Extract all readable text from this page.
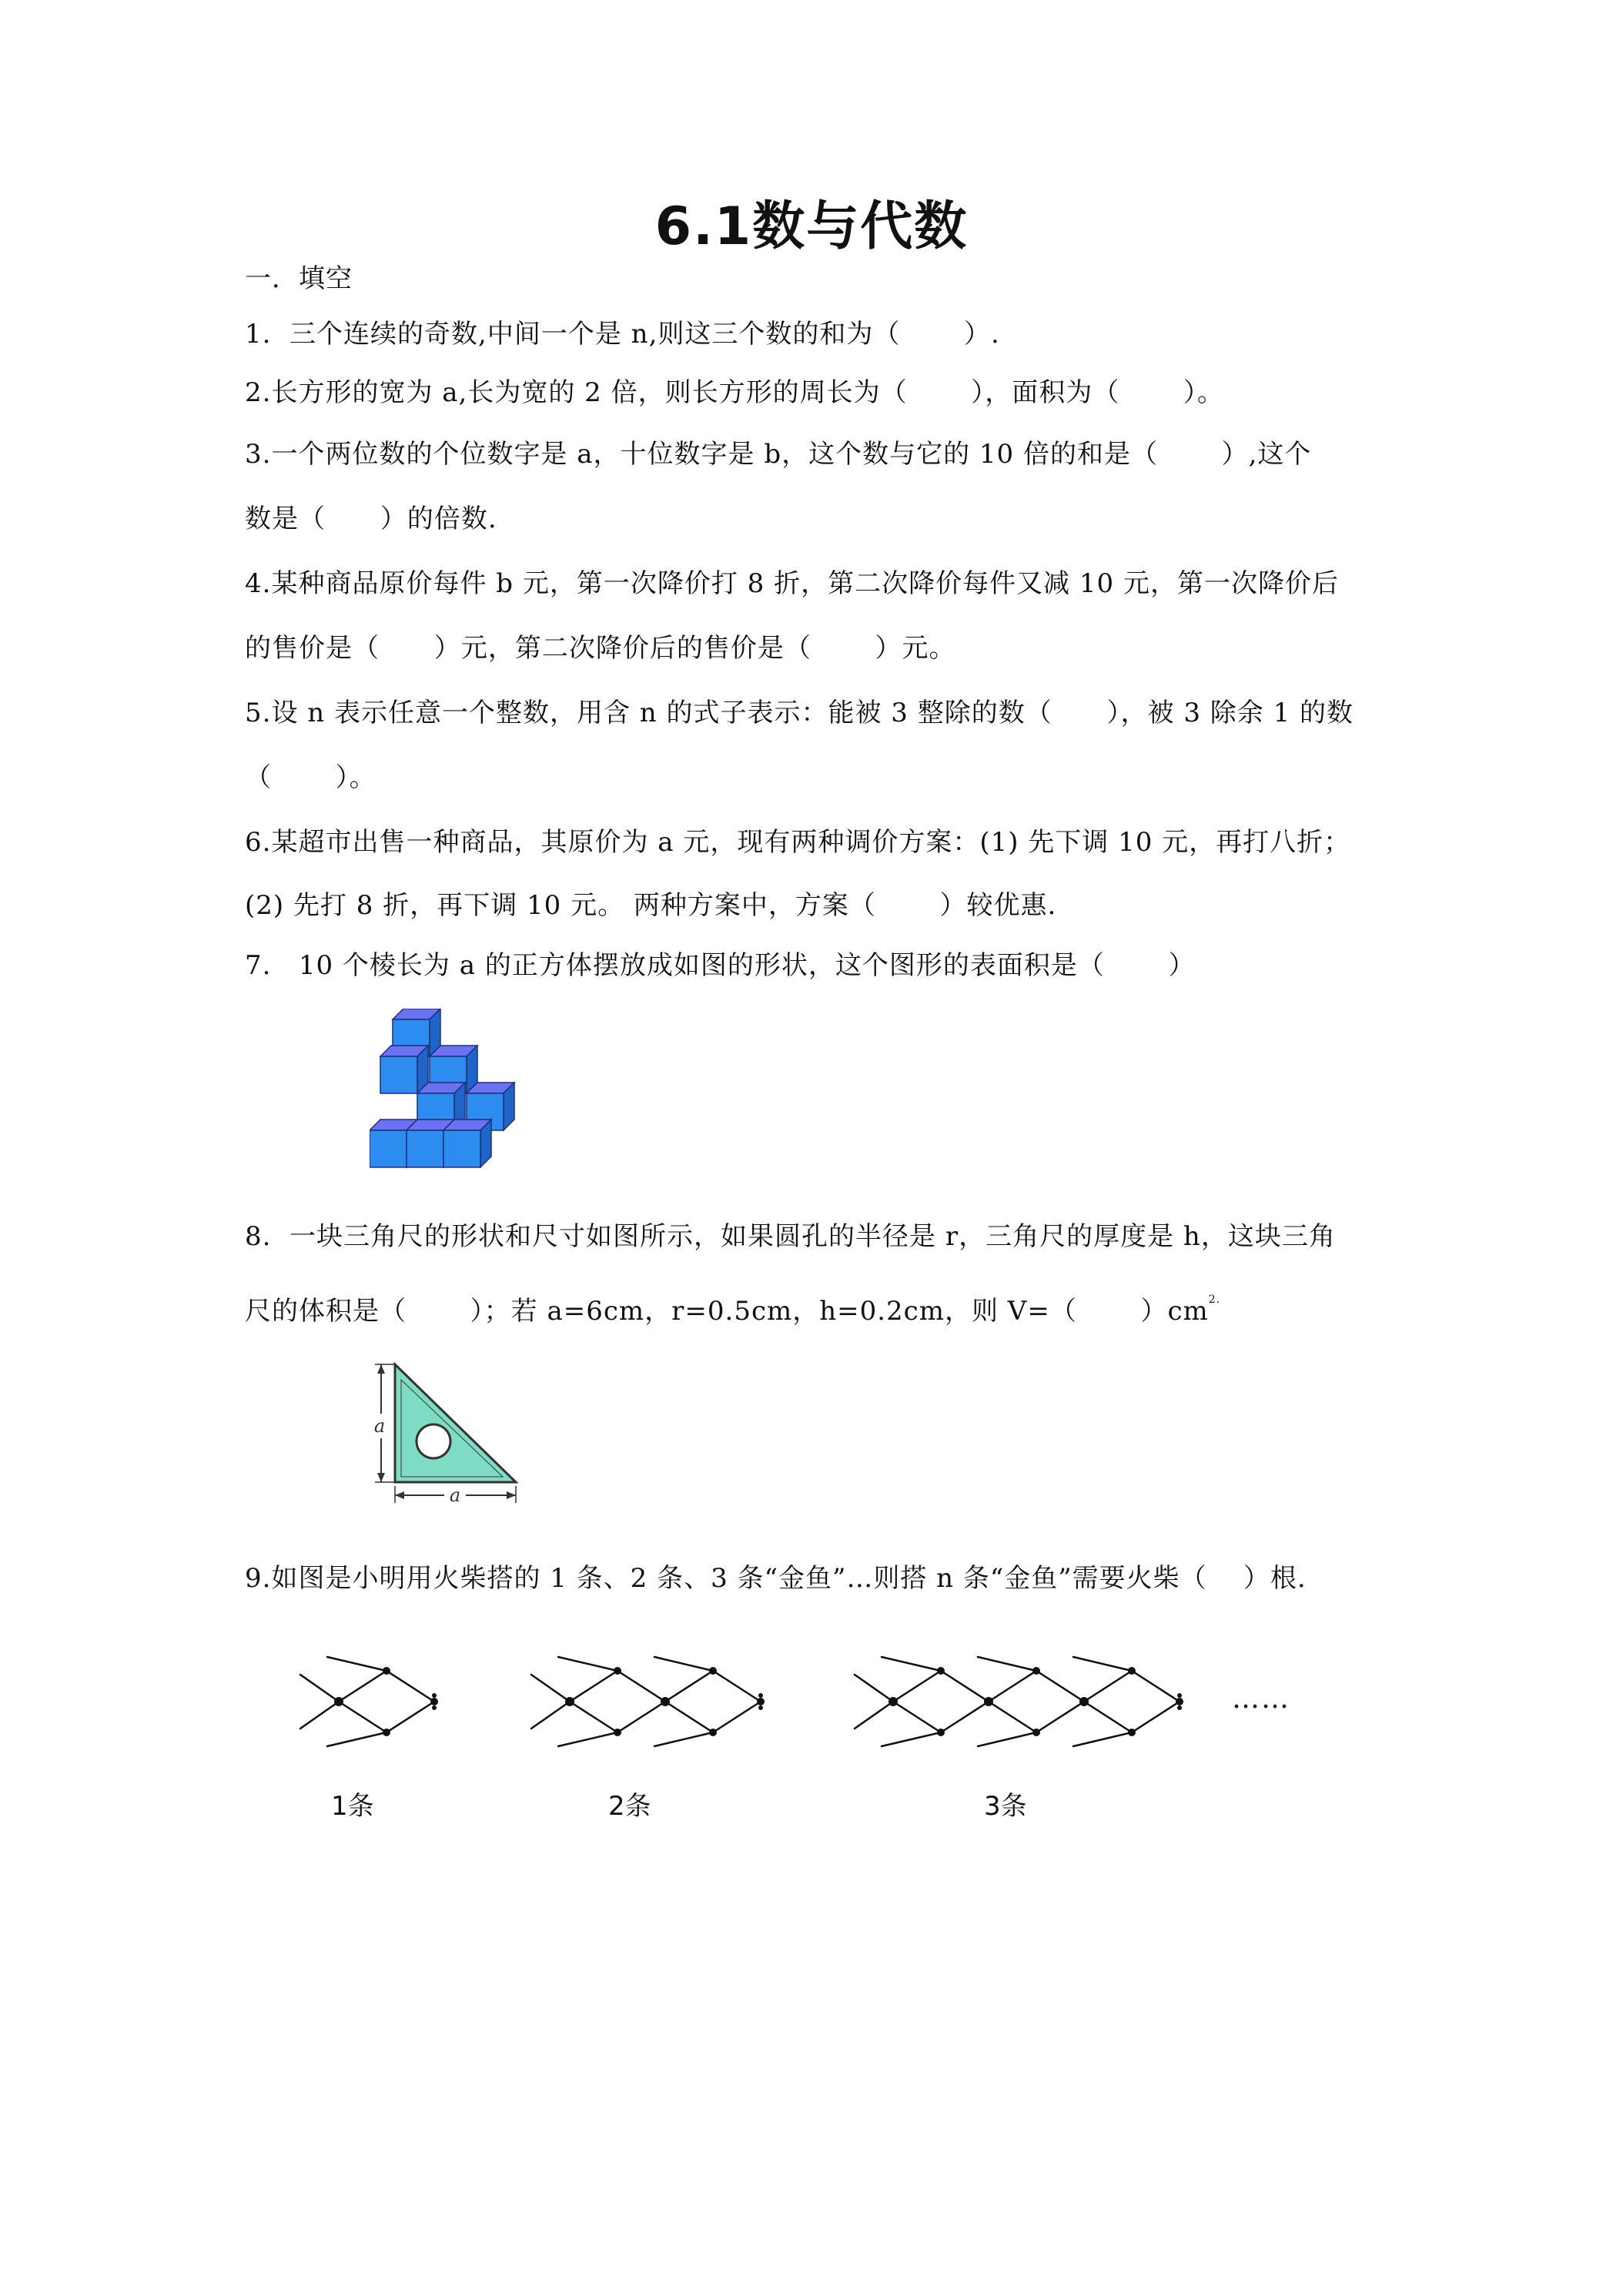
6.1数与代数
一．填空
1.  三个连续的奇数,中间一个是 n,则这三个数的和为（       ）.
2.长方形的宽为 a,长为宽的 2 倍，则长方形的周长为（       ），面积为（       ）。
3.一个两位数的个位数字是 a，十位数字是 b，这个数与它的 10 倍的和是（       ）,这个
数是（      ）的倍数.
4.某种商品原价每件 b 元，第一次降价打 8 折，第二次降价每件又减 10 元，第一次降价后
的售价是（      ）元，第二次降价后的售价是（       ）元。
5.设 n 表示任意一个整数，用含 n 的式子表示：能被 3 整除的数（      ），被 3 除余 1 的数
（       ）。
6.某超市出售一种商品，其原价为 a 元，现有两种调价方案：(1) 先下调 10 元，再打八折；
(2) 先打 8 折，再下调 10 元。 两种方案中，方案（       ）较优惠.
7.   10 个棱长为 a 的正方体摆放成如图的形状，这个图形的表面积是（       ）
8.  一块三角尺的形状和尺寸如图所示，如果圆孔的半径是 r，三角尺的厚度是 h，这块三角
尺的体积是（       ）；若 a=6cm，r=0.5cm，h=0.2cm，则 V=（       ）$cm^{2.}$
a
a
9.如图是小明用火柴搭的 1 条、2 条、3 条“金鱼”…则搭 n 条“金鱼”需要火柴（    ）根.
……
1条	2条	3条
